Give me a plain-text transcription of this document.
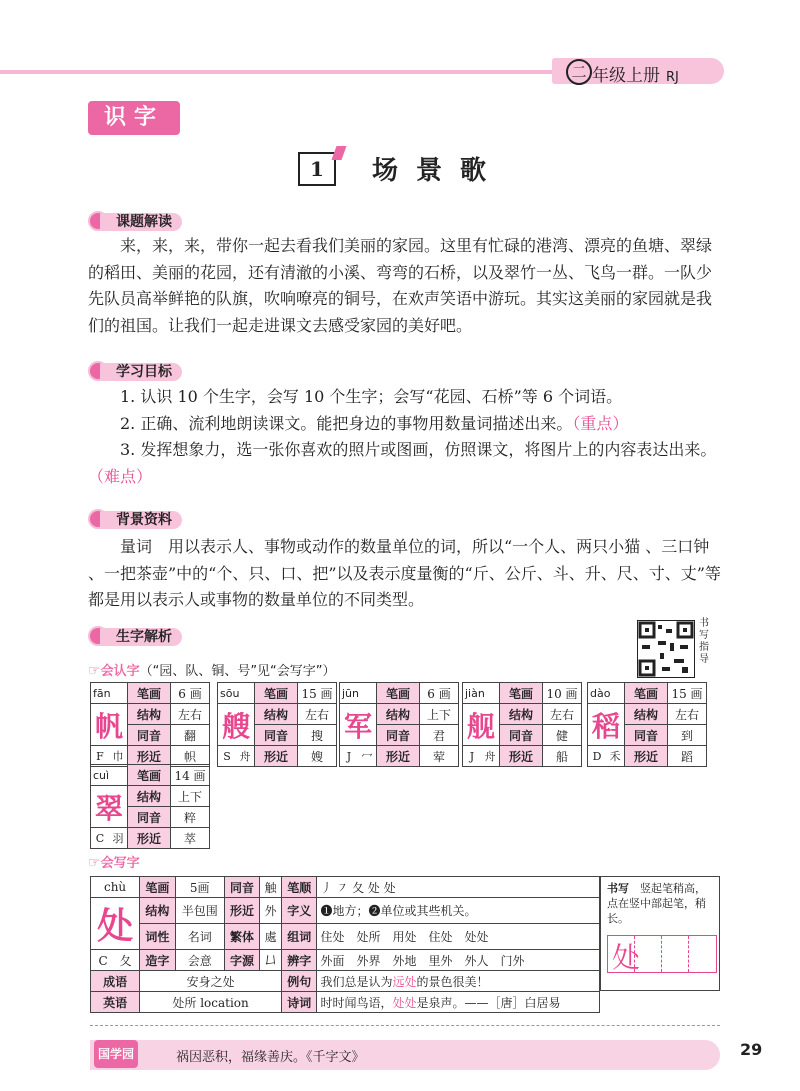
二 年级上册 RJ
识字
1	场景歌
课题解读
来，来，来，带你一起去看我们美丽的家园。这里有忙碌的港湾、漂亮的鱼塘、翠绿的稻田、美丽的花园，还有清澈的小溪、弯弯的石桥，以及翠竹一丛、飞鸟一群。一队少先队员高举鲜艳的队旗，吹响嘹亮的铜号，在欢声笑语中游玩。其实这美丽的家园就是我们的祖国。让我们一起走进课文去感受家园的美好吧。
学习目标
1. 认识 10 个生字，会写 10 个生字；会写“花园、石桥”等 6 个词语。
2. 正确、流利地朗读课文。能把身边的事物用数量词描述出来。（重点）
3. 发挥想象力，选一张你喜欢的照片或图画，仿照课文，将图片上的内容表达出来。（难点）
背景资料
量词　用以表示人、事物或动作的数量单位的词，所以“一个人、两只小猫 、三口钟 、一把茶壶”中的“个、只、口、把”以及表示度量衡的“斤、公斤、斗、升、尺、寸、丈”等都是用以表示人或事物的数量单位的不同类型。
生字解析
书写指导
☞会认字（“园、队、铜、号”见“会写字”）
fān	笔画	6 画
帆	结构	左右
	同音	翻
F 巾	形近	帜
sōu	笔画	15 画
艘	结构	左右
	同音	搜
S 舟	形近	嫂
jūn	笔画	6 画
军	结构	上下
	同音	君
J 冖	形近	荤
jiàn	笔画	10 画
舰	结构	左右
	同音	健
J 舟	形近	船
dào	笔画	15 画
稻	结构	左右
	同音	到
D 禾	形近	蹈
cuì	笔画	14 画
翠	结构	上下
	同音	粹
C 羽	形近	萃
☞会写字
chù	笔画	5画	同音	触	笔顺	丿 ㇇ 夂 处 处
处	结构	半包围	形近	外	字义	❶地方；❷单位或其些机关。
	词性	名词	繁体	處	组词	住处　处所　用处　住处　处处
C　 夂	造字	会意	字源	𠙴	辨字	外面　外界　外地　里外　外人　门外
成语	安身之处				例句	我们总是认为远处的景色很美！
英语	处所 location				诗词	时时闻鸟语，处处是泉声。——［唐］白居易
书写　 竖起笔稍高，点在竖中部起笔，稍长。
处
国学园	祸因恶积，福缘善庆。《千字文》	29
